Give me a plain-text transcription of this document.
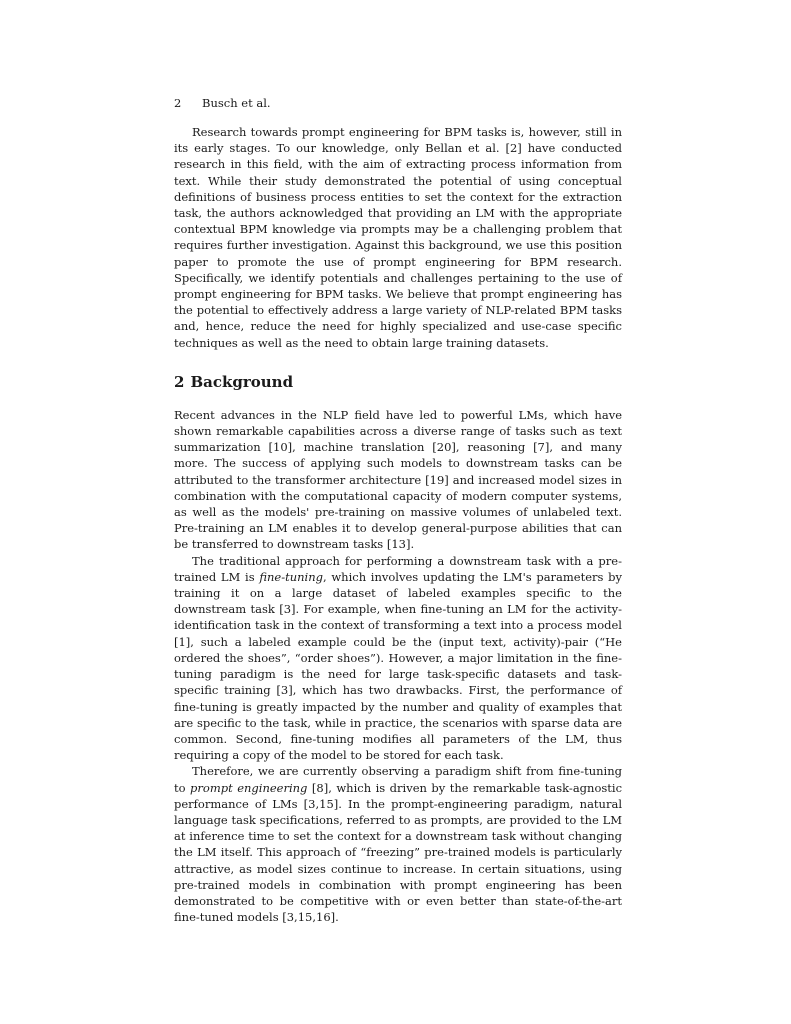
2 Busch et al.

Research towards prompt engineering for BPM tasks is, however, still in its early stages. To our knowledge, only Bellan et al. [2] have conducted research in this field, with the aim of extracting process information from text. While their study demonstrated the potential of using conceptual definitions of business process entities to set the context for the extraction task, the authors acknowledged that providing an LM with the appropriate contextual BPM knowledge via prompts may be a challenging problem that requires further investigation. Against this background, we use this position paper to promote the use of prompt engineering for BPM research. Specifically, we identify potentials and challenges pertaining to the use of prompt engineering for BPM tasks. We believe that prompt engineering has the potential to effectively address a large variety of NLP-related BPM tasks and, hence, reduce the need for highly specialized and use-case specific techniques as well as the need to obtain large training datasets.

2 Background

Recent advances in the NLP field have led to powerful LMs, which have shown remarkable capabilities across a diverse range of tasks such as text summarization [10], machine translation [20], reasoning [7], and many more. The success of applying such models to downstream tasks can be attributed to the transformer architecture [19] and increased model sizes in combination with the computational capacity of modern computer systems, as well as the models' pre-training on massive volumes of unlabeled text. Pre-training an LM enables it to develop general-purpose abilities that can be transferred to downstream tasks [13].

The traditional approach for performing a downstream task with a pre-trained LM is fine-tuning, which involves updating the LM's parameters by training it on a large dataset of labeled examples specific to the downstream task [3]. For example, when fine-tuning an LM for the activity-identification task in the context of transforming a text into a process model [1], such a labeled example could be the (input text, activity)-pair (“He ordered the shoes”, “order shoes”). However, a major limitation in the fine-tuning paradigm is the need for large task-specific datasets and task-specific training [3], which has two drawbacks. First, the performance of fine-tuning is greatly impacted by the number and quality of examples that are specific to the task, while in practice, the scenarios with sparse data are common. Second, fine-tuning modifies all parameters of the LM, thus requiring a copy of the model to be stored for each task.

Therefore, we are currently observing a paradigm shift from fine-tuning to prompt engineering [8], which is driven by the remarkable task-agnostic performance of LMs [3,15]. In the prompt-engineering paradigm, natural language task specifications, referred to as prompts, are provided to the LM at inference time to set the context for a downstream task without changing the LM itself. This approach of “freezing” pre-trained models is particularly attractive, as model sizes continue to increase. In certain situations, using pre-trained models in combination with prompt engineering has been demonstrated to be competitive with or even better than state-of-the-art fine-tuned models [3,15,16].
